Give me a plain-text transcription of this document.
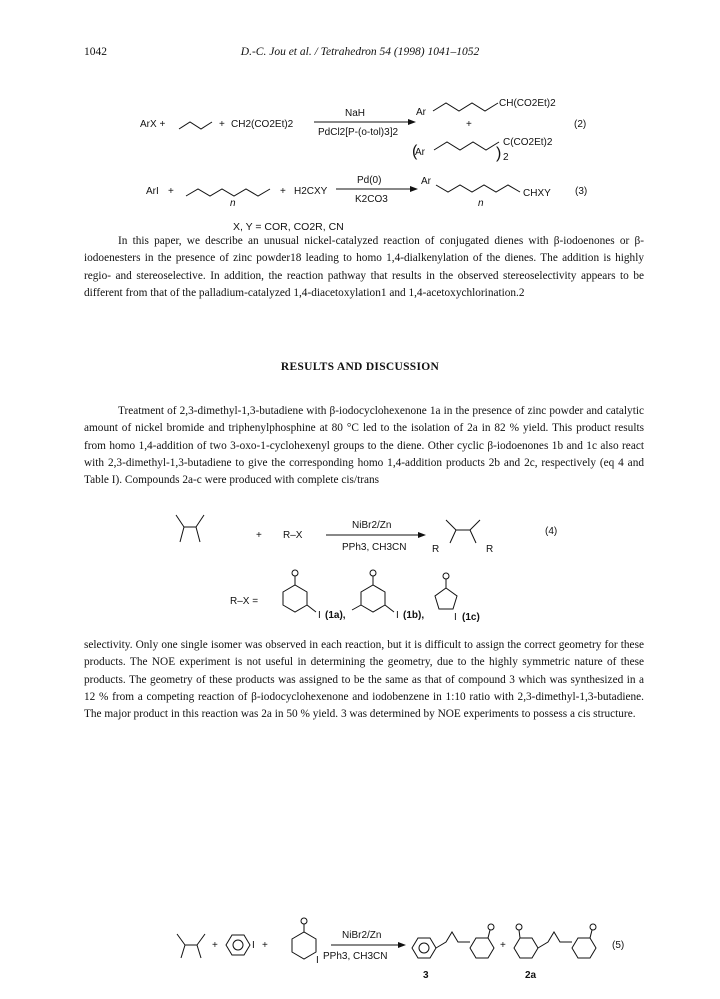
1042	D.-C. Jou et al. / Tetrahedron 54 (1998) 1041–1052
ArX +	+ CH2(CO2Et)2
NaH
PdCl2[P-(o-tol)3]2
Ar
CH(CO2Et)2
+
Ar
C(CO2Et)2
2
(2)
(	)
ArI +
n
+ H2CXY
Pd(0)
K2CO3
Ar
n
CHXY (3)
+ R–X
NiBr2/Zn
PPh3, CH3CN	R	R
(4)
R–X =
I (1a),	I (1b),	I (1c)
+	I +
I
NiBr2/Zn
PPh3, CH3CN
+	(5)
3	2a
X, Y = COR, CO2R, CN

In this paper, we describe an unusual nickel-catalyzed reaction of conjugated dienes with β-iodoenones or β-iodoenesters in the presence of zinc powder18 leading to homo 1,4-dialkenylation of the dienes. The addition is highly regio- and stereoselective. In addition, the reaction pathway that results in the observed stereoselectivity appears to be different from that of the palladium-catalyzed 1,4-diacetoxylation1 and 1,4-acetoxychlorination.2

RESULTS AND DISCUSSION

Treatment of 2,3-dimethyl-1,3-butadiene with β-iodocyclohexenone 1a in the presence of zinc powder and catalytic amount of nickel bromide and triphenylphosphine at 80 °C led to the isolation of 2a in 82 % yield. This product results from homo 1,4-addition of two 3-oxo-1-cyclohexenyl groups to the diene. Other cyclic β-iodoenones 1b and 1c also react with 2,3-dimethyl-1,3-butadiene to give the corresponding homo 1,4-addition products 2b and 2c, respectively (eq 4 and Table I). Compounds 2a-c were produced with complete cis/trans

selectivity. Only one single isomer was observed in each reaction, but it is difficult to assign the correct geometry for these products. The NOE experiment is not useful in determining the geometry, due to the highly symmetric nature of these products. The geometry of these products was assigned to be the same as that of compound 3 which was synthesized in a 12 % from a competing reaction of β-iodocyclohexenone and iodobenzene in 1:10 ratio with 2,3-dimethyl-1,3-butadiene. The major product in this reaction was 2a in 50 % yield. 3 was determined by NOE experiments to possess a cis structure.
